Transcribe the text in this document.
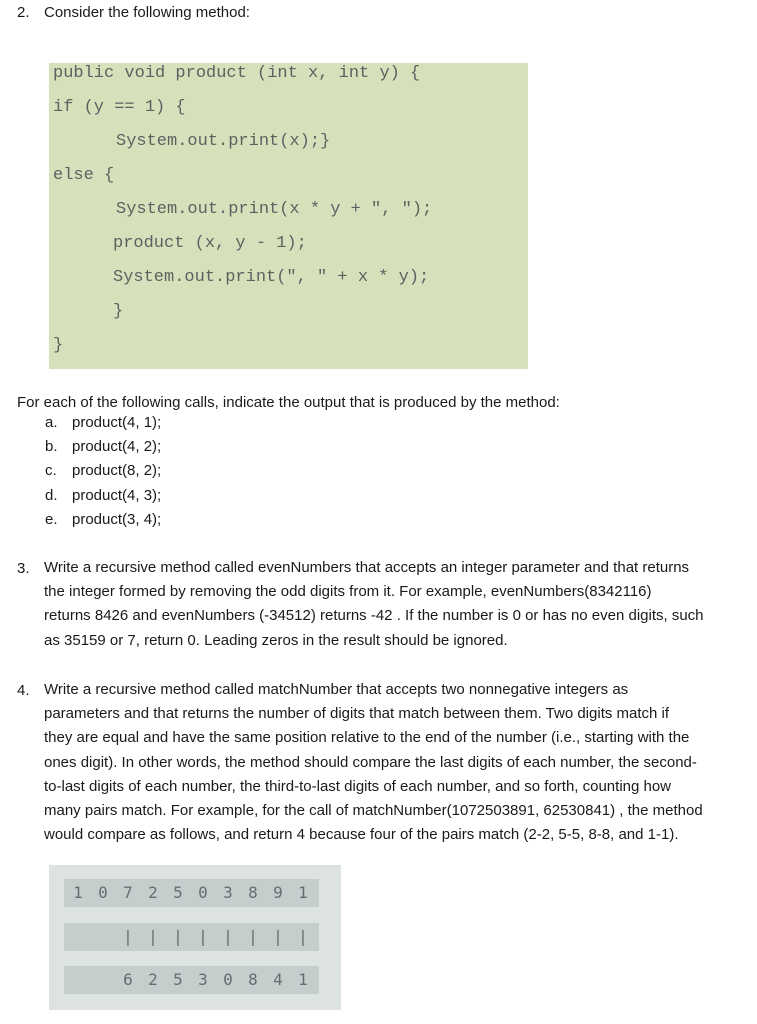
2. Consider the following method:
public void product (int x, int y) {
if (y == 1) {
System.out.print(x);}
else {
System.out.print(x * y + ", ");
product (x, y - 1);
System.out.print(", " + x * y);
}
}
For each of the following calls, indicate the output that is produced by the method:
a. product(4, 1);
b. product(4, 2);
c. product(8, 2);
d. product(4, 3);
e. product(3, 4);
3. Write a recursive method called evenNumbers that accepts an integer parameter and that returns
the integer formed by removing the odd digits from it. For example, evenNumbers(8342116)
returns 8426 and evenNumbers (-34512) returns -42 . If the number is 0 or has no even digits, such
as 35159 or 7, return 0. Leading zeros in the result should be ignored.
4. Write a recursive method called matchNumber that accepts two nonnegative integers as
parameters and that returns the number of digits that match between them. Two digits match if
they are equal and have the same position relative to the end of the number (i.e., starting with the
ones digit). In other words, the method should compare the last digits of each number, the second-
to-last digits of each number, the third-to-last digits of each number, and so forth, counting how
many pairs match. For example, for the call of matchNumber(1072503891, 62530841) , the method
would compare as follows, and return 4 because four of the pairs match (2-2, 5-5, 8-8, and 1-1).
1 0 7 2 5 0 3 8 9 1
| | | | | | | |
6 2 5 3 0 8 4 1
